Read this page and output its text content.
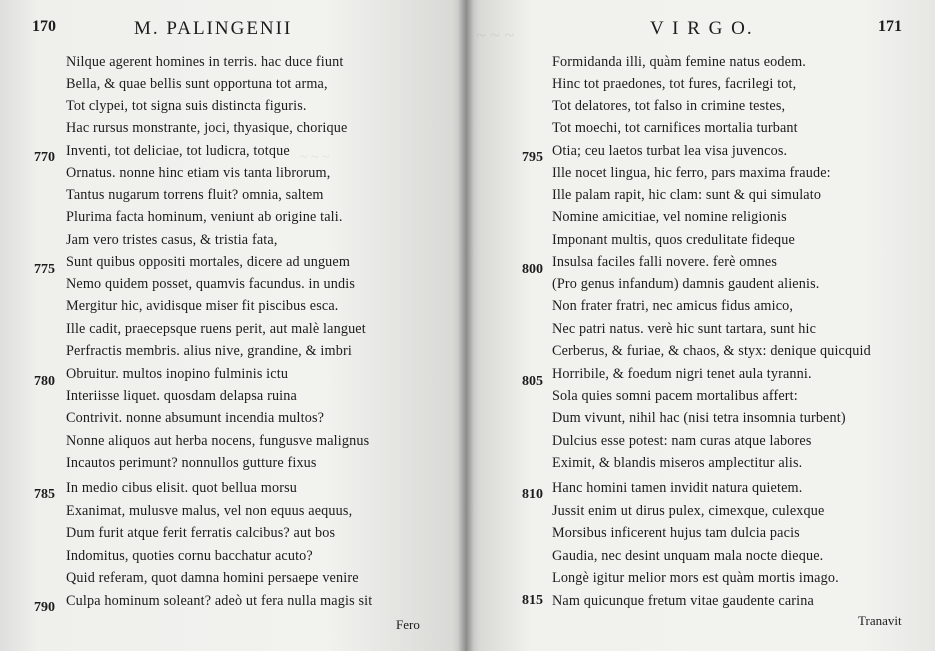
~ ~ ~
170	M. PALINGENII
Nilque agerent homines in terris. hac duce fiunt
Bella, & quae bellis sunt opportuna tot arma,
Tot clypei, tot signa suis distincta figuris.
Hac rursus monstrante, joci, thyasique, chorique
Inventi, tot deliciae, tot ludicra, totque
Ornatus. nonne hinc etiam vis tanta librorum,
Tantus nugarum torrens fluit? omnia, saltem
Plurima facta hominum, veniunt ab origine tali.
Jam vero tristes casus, & tristia fata,
Sunt quibus oppositi mortales, dicere ad unguem
Nemo quidem posset, quamvis facundus. in undis
Mergitur hic, avidisque miser fit piscibus esca.
Ille cadit, praecepsque ruens perit, aut malè languet
Perfractis membris. alius nive, grandine, & imbri
Obruitur. multos inopino fulminis ictu
Interiisse liquet. quosdam delapsa ruina
Contrivit. nonne absumunt incendia multos?
Nonne aliquos aut herba nocens, fungusve malignus
Incautos perimunt? nonnullos gutture fixus
In medio cibus elisit. quot bellua morsu
Exanimat, mulusve malus, vel non equus aequus,
Dum furit atque ferit ferratis calcibus? aut bos
Indomitus, quoties cornu bacchatur acuto?
Quid referam, quot damna homini persaepe venire
Culpa hominum soleant? adeò ut fera nulla magis sit
770
775
780
785
790
Fero
~ ~ ~	V I R G O.	171
Formidanda illi, quàm femine natus eodem.
Hinc tot praedones, tot fures, facrilegi tot,
Tot delatores, tot falso in crimine testes,
Tot moechi, tot carnifices mortalia turbant
Otia; ceu laetos turbat lea visa juvencos.
Ille nocet lingua, hic ferro, pars maxima fraude:
Ille palam rapit, hic clam: sunt & qui simulato
Nomine amicitiae, vel nomine religionis
Imponant multis, quos credulitate fideque
Insulsa faciles falli novere. ferè omnes
(Pro genus infandum) damnis gaudent alienis.
Non frater fratri, nec amicus fidus amico,
Nec patri natus. verè hic sunt tartara, sunt hic
Cerberus, & furiae, & chaos, & styx: denique quicquid
Horribile, & foedum nigri tenet aula tyranni.
Sola quies somni pacem mortalibus affert:
Dum vivunt, nihil hac (nisi tetra insomnia turbent)
Dulcius esse potest: nam curas atque labores
Eximit, & blandis miseros amplectitur alis.
Hanc homini tamen invidit natura quietem.
Jussit enim ut dirus pulex, cimexque, culexque
Morsibus inficerent hujus tam dulcia pacis
Gaudia, nec desint unquam mala nocte dieque.
Longè igitur melior mors est quàm mortis imago.
Nam quicunque fretum vitae gaudente carina
795
800
805
810
815
Tranavit
